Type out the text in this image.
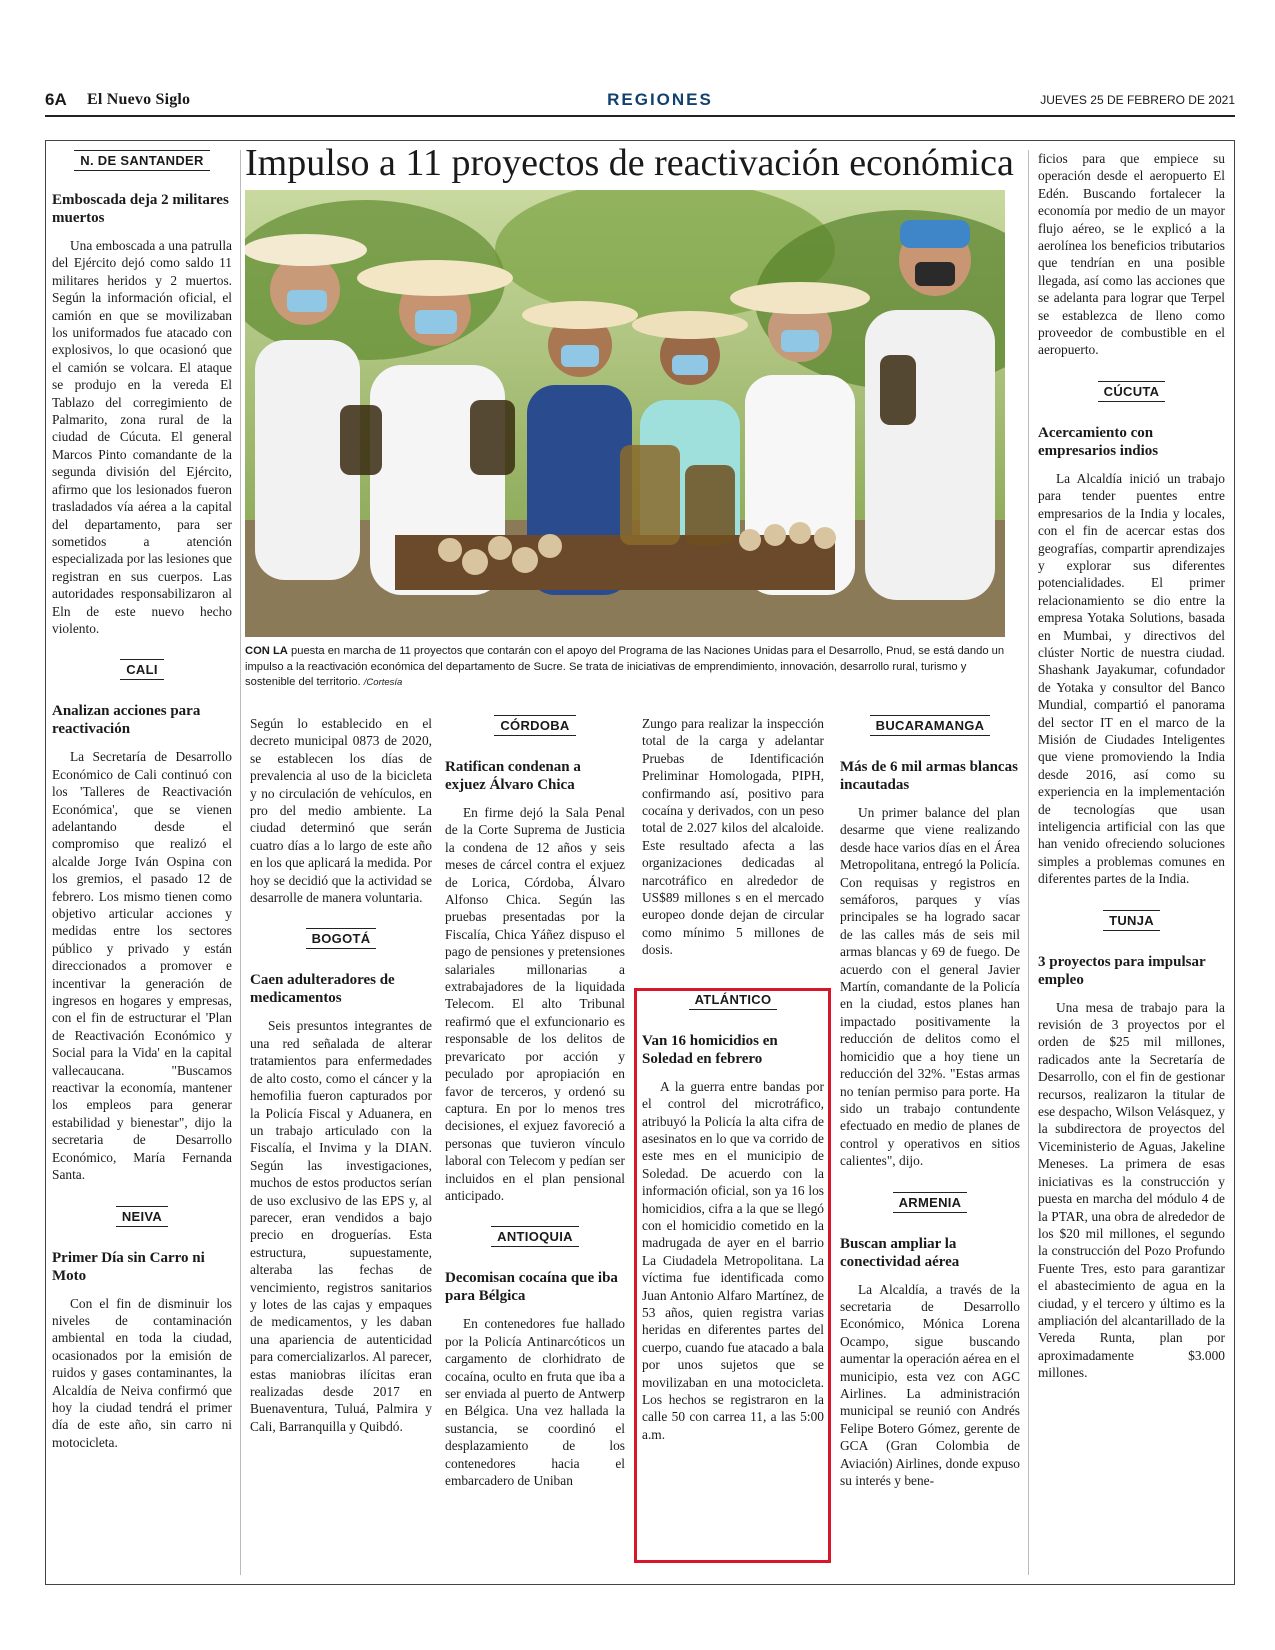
6A El Nuevo Siglo	REGIONES	JUEVES 25 DE FEBRERO DE 2021
Impulso a 11 proyectos de reactivación económica
CON LA puesta en marcha de 11 proyectos que contarán con el apoyo del Programa de las Naciones Unidas para el Desarrollo, Pnud, se está dando un impulso a la reactivación económica del departamento de Sucre. Se trata de iniciativas de emprendimiento, innovación, desarrollo rural, turismo y sostenible del territorio. /Cortesía
N. DE SANTANDER
Emboscada deja 2 militares muertos

Una emboscada a una patrulla del Ejército dejó como saldo 11 militares heridos y 2 muertos. Según la información oficial, el camión en que se movilizaban los uniformados fue atacado con explosivos, lo que ocasionó que el camión se volcara. El ataque se produjo en la vereda El Tablazo del corregimiento de Palmarito, zona rural de la ciudad de Cúcuta. El general Marcos Pinto comandante de la segunda división del Ejército, afirmo que los lesionados fueron trasladados vía aérea a la capital del departamento, para ser sometidos a atención especializada por las lesiones que registran en sus cuerpos. Las autoridades responsabilizaron al Eln de este nuevo hecho violento.

CALI
Analizan acciones para reactivación

La Secretaría de Desarrollo Económico de Cali continuó con los 'Talleres de Reactivación Económica', que se vienen adelantando desde el compromiso que realizó el alcalde Jorge Iván Ospina con los gremios, el pasado 12 de febrero. Los mismo tienen como objetivo articular acciones y medidas entre los sectores público y privado y están direccionados a promover e incentivar la generación de ingresos en hogares y empresas, con el fin de estructurar el 'Plan de Reactivación Económico y Social para la Vida' en la capital vallecaucana. "Buscamos reactivar la economía, mantener los empleos para generar estabilidad y bienestar", dijo la secretaria de Desarrollo Económico, María Fernanda Santa.

NEIVA
Primer Día sin Carro ni Moto

Con el fin de disminuir los niveles de contaminación ambiental en toda la ciudad, ocasionados por la emisión de ruidos y gases contaminantes, la Alcaldía de Neiva confirmó que hoy la ciudad tendrá el primer día de este año, sin carro ni motocicleta.

Según lo establecido en el decreto municipal 0873 de 2020, se establecen los días de prevalencia al uso de la bicicleta y no circulación de vehículos, en pro del medio ambiente. La ciudad determinó que serán cuatro días a lo largo de este año en los que aplicará la medida. Por hoy se decidió que la actividad se desarrolle de manera voluntaria.

BOGOTÁ
Caen adulteradores de medicamentos

Seis presuntos integrantes de una red señalada de alterar tratamientos para enfermedades de alto costo, como el cáncer y la hemofilia fueron capturados por la Policía Fiscal y Aduanera, en un trabajo articulado con la Fiscalía, el Invima y la DIAN. Según las investigaciones, muchos de estos productos serían de uso exclusivo de las EPS y, al parecer, eran vendidos a bajo precio en droguerías. Esta estructura, supuestamente, alteraba las fechas de vencimiento, registros sanitarios y lotes de las cajas y empaques de medicamentos, y les daban una apariencia de autenticidad para comercializarlos. Al parecer, estas maniobras ilícitas eran realizadas desde 2017 en Buenaventura, Tuluá, Palmira y Cali, Barranquilla y Quibdó.

CÓRDOBA
Ratifican condenan a exjuez Álvaro Chica

En firme dejó la Sala Penal de la Corte Suprema de Justicia la condena de 12 años y seis meses de cárcel contra el exjuez de Lorica, Córdoba, Álvaro Alfonso Chica. Según las pruebas presentadas por la Fiscalía, Chica Yáñez dispuso el pago de pensiones y pretensiones salariales millonarias a extrabajadores de la liquidada Telecom. El alto Tribunal reafirmó que el exfuncionario es responsable de los delitos de prevaricato por acción y peculado por apropiación en favor de terceros, y ordenó su captura. En por lo menos tres decisiones, el exjuez favoreció a personas que tuvieron vínculo laboral con Telecom y pedían ser incluidos en el plan pensional anticipado.

ANTIOQUIA
Decomisan cocaína que iba para Bélgica

En contenedores fue hallado por la Policía Antinarcóticos un cargamento de clorhidrato de cocaína, oculto en fruta que iba a ser enviada al puerto de Antwerp en Bélgica. Una vez hallada la sustancia, se coordinó el desplazamiento de los contenedores hacia el embarcadero de Uniban

Zungo para realizar la inspección total de la carga y adelantar Pruebas de Identificación Preliminar Homologada, PIPH, confirmando así, positivo para cocaína y derivados, con un peso total de 2.027 kilos del alcaloide. Este resultado afecta a las organizaciones dedicadas al narcotráfico en alrededor de US$89 millones s en el mercado europeo donde dejan de circular como mínimo 5 millones de dosis.

ATLÁNTICO
Van 16 homicidios en Soledad en febrero

A la guerra entre bandas por el control del microtráfico, atribuyó la Policía la alta cifra de asesinatos en lo que va corrido de este mes en el municipio de Soledad. De acuerdo con la información oficial, son ya 16 los homicidios, cifra a la que se llegó con el homicidio cometido en la madrugada de ayer en el barrio La Ciudadela Metropolitana. La víctima fue identificada como Juan Antonio Alfaro Martínez, de 53 años, quien registra varias heridas en diferentes partes del cuerpo, cuando fue atacado a bala por unos sujetos que se movilizaban en una motocicleta. Los hechos se registraron en la calle 50 con carrea 11, a las 5:00 a.m.

BUCARAMANGA
Más de 6 mil armas blancas incautadas

Un primer balance del plan desarme que viene realizando desde hace varios días en el Área Metropolitana, entregó la Policía. Con requisas y registros en semáforos, parques y vías principales se ha logrado sacar de las calles más de seis mil armas blancas y 69 de fuego. De acuerdo con el general Javier Martín, comandante de la Policía en la ciudad, estos planes han impactado positivamente la reducción de delitos como el homicidio que a hoy tiene un reducción del 32%. "Estas armas no tenían permiso para porte. Ha sido un trabajo contundente efectuado en medio de planes de control y operativos en sitios calientes", dijo.

ARMENIA
Buscan ampliar la conectividad aérea

La Alcaldía, a través de la secretaria de Desarrollo Económico, Mónica Lorena Ocampo, sigue buscando aumentar la operación aérea en el municipio, esta vez con AGC Airlines. La administración municipal se reunió con Andrés Felipe Botero Gómez, gerente de GCA (Gran Colombia de Aviación) Airlines, donde expuso su interés y bene-

ficios para que empiece su operación desde el aeropuerto El Edén. Buscando fortalecer la economía por medio de un mayor flujo aéreo, se le explicó a la aerolínea los beneficios tributarios que tendrían en una posible llegada, así como las acciones que se adelanta para lograr que Terpel se establezca de lleno como proveedor de combustible en el aeropuerto.

CÚCUTA
Acercamiento con empresarios indios

La Alcaldía inició un trabajo para tender puentes entre empresarios de la India y locales, con el fin de acercar estas dos geografías, compartir aprendizajes y explorar sus diferentes potencialidades. El primer relacionamiento se dio entre la empresa Yotaka Solutions, basada en Mumbai, y directivos del clúster Nortic de nuestra ciudad. Shashank Jayakumar, cofundador de Yotaka y consultor del Banco Mundial, compartió el panorama del sector IT en el marco de la Misión de Ciudades Inteligentes que viene promoviendo la India desde 2016, así como su experiencia en la implementación de tecnologías que usan inteligencia artificial con las que han venido ofreciendo soluciones simples a problemas comunes en diferentes partes de la India.

TUNJA
3 proyectos para impulsar empleo

Una mesa de trabajo para la revisión de 3 proyectos por el orden de $25 mil millones, radicados ante la Secretaría de Desarrollo, con el fin de gestionar recursos, realizaron la titular de ese despacho, Wilson Velásquez, y la subdirectora de proyectos del Viceministerio de Aguas, Jakeline Meneses. La primera de esas iniciativas es la construcción y puesta en marcha del módulo 4 de la PTAR, una obra de alrededor de los $20 mil millones, el segundo la construcción del Pozo Profundo Fuente Tres, esto para garantizar el abastecimiento de agua en la ciudad, y el tercero y último es la ampliación del alcantarillado de la Vereda Runta, plan por aproximadamente $3.000 millones.
